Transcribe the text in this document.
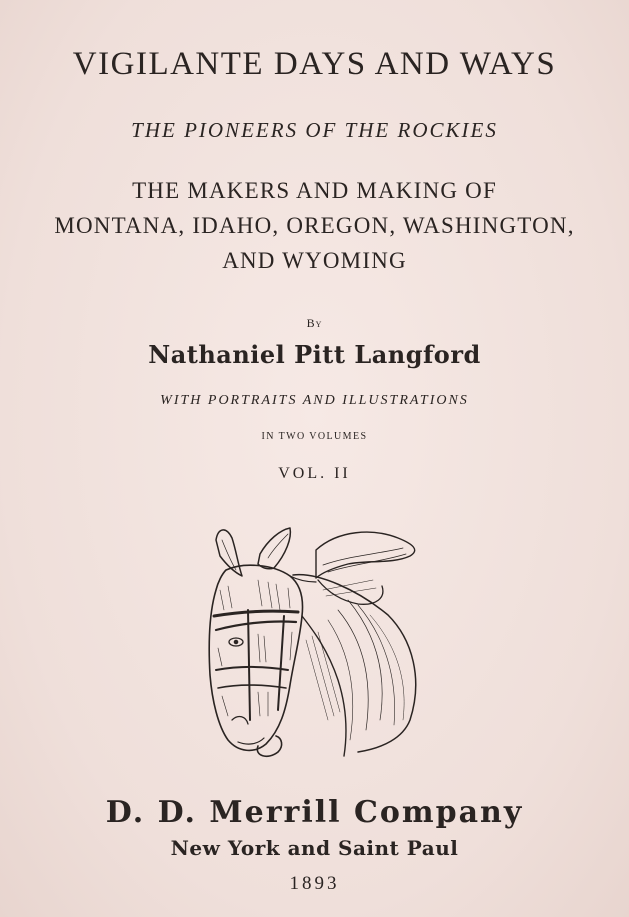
VIGILANTE DAYS AND WAYS
THE PIONEERS OF THE ROCKIES
THE MAKERS AND MAKING OF
MONTANA, IDAHO, OREGON, WASHINGTON,
AND WYOMING
By
Nathaniel Pitt Langford
WITH PORTRAITS AND ILLUSTRATIONS
IN TWO VOLUMES
VOL. II
D. D. Merrill Company
New York and Saint Paul
1893
